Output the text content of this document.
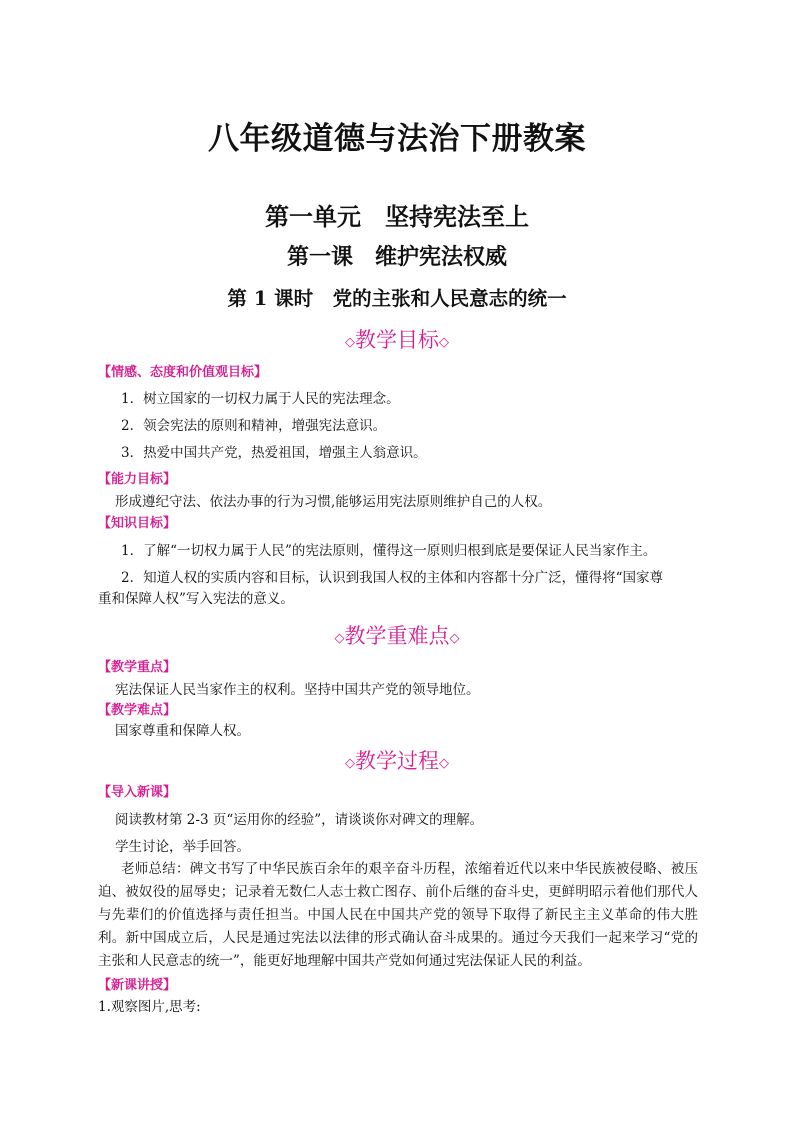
八年级道德与法治下册教案
第一单元　坚持宪法至上
第一课　维护宪法权威
第 1 课时　党的主张和人民意志的统一
◇教学目标◇
【情感、态度和价值观目标】
1．树立国家的一切权力属于人民的宪法理念。
2．领会宪法的原则和精神，增强宪法意识。
3．热爱中国共产党，热爱祖国，增强主人翁意识。
【能力目标】
形成遵纪守法、依法办事的行为习惯,能够运用宪法原则维护自己的人权。
【知识目标】
1．了解“一切权力属于人民”的宪法原则，懂得这一原则归根到底是要保证人民当家作主。
2．知道人权的实质内容和目标，认识到我国人权的主体和内容都十分广泛，懂得将“国家尊
重和保障人权”写入宪法的意义。
◇教学重难点◇
【教学重点】
宪法保证人民当家作主的权利。坚持中国共产党的领导地位。
【教学难点】
国家尊重和保障人权。
◇教学过程◇
【导入新课】
阅读教材第 2-3 页“运用你的经验”，请谈谈你对碑文的理解。
学生讨论，举手回答。
老师总结：碑文书写了中华民族百余年的艰辛奋斗历程，浓缩着近代以来中华民族被侵略、被压迫、被奴役的屈辱史；记录着无数仁人志士救亡图存、前仆后继的奋斗史，更鲜明昭示着他们那代人与先辈们的价值选择与责任担当。中国人民在中国共产党的领导下取得了新民主主义革命的伟大胜利。新中国成立后，人民是通过宪法以法律的形式确认奋斗成果的。通过今天我们一起来学习“党的主张和人民意志的统一”，能更好地理解中国共产党如何通过宪法保证人民的利益。
【新课讲授】
1.观察图片,思考:
